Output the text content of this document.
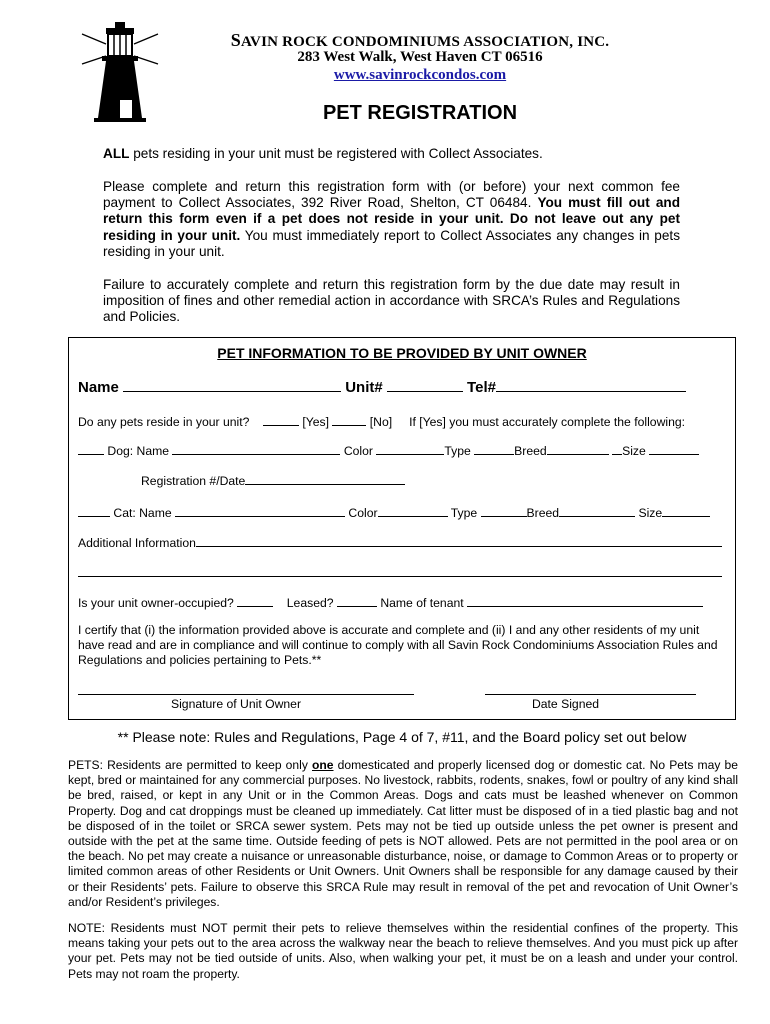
SAVIN ROCK CONDOMINIUMS ASSOCIATION, INC.
283 West Walk, West Haven CT 06516
www.savinrockcondos.com
PET REGISTRATION
ALL pets residing in your unit must be registered with Collect Associates.
Please complete and return this registration form with (or before) your next common fee payment to Collect Associates, 392 River Road, Shelton, CT 06484. You must fill out and return this form even if a pet does not reside in your unit. Do not leave out any pet residing in your unit. You must immediately report to Collect Associates any changes in pets residing in your unit.
Failure to accurately complete and return this registration form by the due date may result in imposition of fines and other remedial action in accordance with SRCA’s Rules and Regulations and Policies.
PET INFORMATION TO BE PROVIDED BY UNIT OWNER
Name	Unit#	Tel#
Do any pets reside in your unit?	[Yes]	[No] If [Yes] you must accurately complete the following:
Dog: Name	Color	Type	Breed	Size
Registration #/Date
Cat: Name	Color	Type	Breed	Size
Additional Information
Is your unit owner-occupied?	Leased?	Name of tenant
I certify that (i) the information provided above is accurate and complete and (ii) I and any other residents of my unit have read and are in compliance and will continue to comply with all Savin Rock Condominiums Association Rules and Regulations and policies pertaining to Pets.**
Signature of Unit Owner	Date Signed
** Please note: Rules and Regulations, Page 4 of 7, #11, and the Board policy set out below
PETS: Residents are permitted to keep only one domesticated and properly licensed dog or domestic cat. No Pets may be kept, bred or maintained for any commercial purposes. No livestock, rabbits, rodents, snakes, fowl or poultry of any kind shall be bred, raised, or kept in any Unit or in the Common Areas. Dogs and cats must be leashed whenever on Common Property. Dog and cat droppings must be cleaned up immediately. Cat litter must be disposed of in a tied plastic bag and not be disposed of in the toilet or SRCA sewer system. Pets may not be tied up outside unless the pet owner is present and outside with the pet at the same time. Outside feeding of pets is NOT allowed. Pets are not permitted in the pool area or on the beach. No pet may create a nuisance or unreasonable disturbance, noise, or damage to Common Areas or to property or limited common areas of other Residents or Unit Owners. Unit Owners shall be responsible for any damage caused by their or their Residents’ pets. Failure to observe this SRCA Rule may result in removal of the pet and revocation of Unit Owner’s and/or Resident’s privileges.
NOTE: Residents must NOT permit their pets to relieve themselves within the residential confines of the property. This means taking your pets out to the area across the walkway near the beach to relieve themselves. And you must pick up after your pet. Pets may not be tied outside of units. Also, when walking your pet, it must be on a leash and under your control. Pets may not roam the property.
